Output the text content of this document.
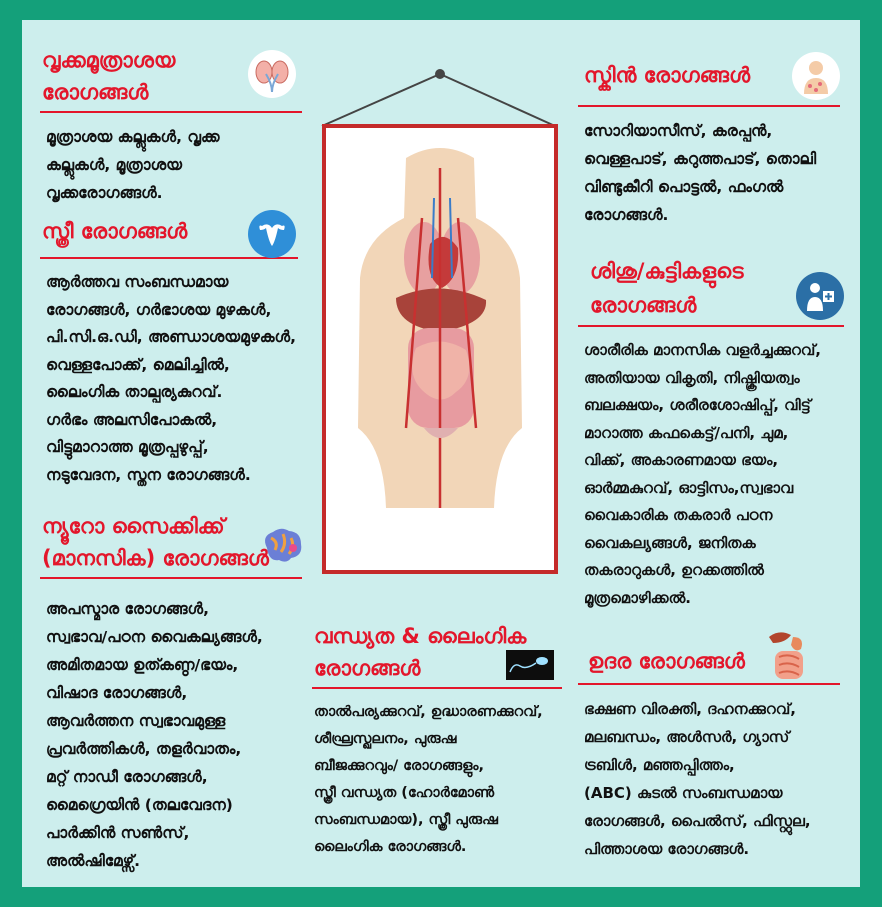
വൃക്കമൂത്രാശയ
രോഗങ്ങൾ
മൂത്രാശയ കല്ലുകൾ, വൃക്ക
കല്ലുകൾ, മൂത്രാശയ
വൃക്കരോഗങ്ങൾ.
സ്ത്രീ രോഗങ്ങൾ
ആർത്തവ സംബന്ധമായ
രോഗങ്ങൾ, ഗർഭാശയ മുഴകൾ,
പി.സി.ഒ.ഡി, അണ്ഡാശയമുഴകൾ,
വെള്ളപോക്ക്, മെലിച്ചിൽ,
ലൈംഗിക താല്പര്യകുറവ്.
ഗർഭം അലസിപോകൽ,
വിട്ടുമാറാത്ത മൂത്രപ്പഴുപ്പ്,
നടുവേദന, സ്തന രോഗങ്ങൾ.
ന്യൂറോ സൈക്കിക്ക്
(മാനസിക) രോഗങ്ങൾ
അപസ്മാര രോഗങ്ങൾ,
സ്വഭാവ/പഠന വൈകല്യങ്ങൾ,
അമിതമായ ഉത്കണ്ഠ/ഭയം,
വിഷാദ രോഗങ്ങൾ,
ആവർത്തന സ്വഭാവമുള്ള
പ്രവർത്തികൾ, തളർവാതം,
മറ്റ് നാഡീ രോഗങ്ങൾ,
മൈഗ്രെയിൻ (തലവേദന)
പാർക്കിൻ സൺസ്,
അൽഷിമേഴ്സ്.
വന്ധ്യത & ലൈംഗിക
രോഗങ്ങൾ
താൽപര്യക്കുറവ്, ഉദ്ധാരണക്കുറവ്,
ശീഘ്രസ്ഖലനം, പുരുഷ
ബീജക്കുറവും/ രോഗങ്ങളും,
സ്ത്രീ വന്ധ്യത (ഹോർമോൺ
സംബന്ധമായ), സ്ത്രീ പുരുഷ
ലൈംഗിക രോഗങ്ങൾ.
സ്കിൻ രോഗങ്ങൾ
സോറിയാസീസ്, കരപ്പൻ,
വെള്ളപാട്, കറുത്തപാട്, തൊലി
വിണ്ടുകീറി പൊട്ടൽ, ഫംഗൽ
രോഗങ്ങൾ.
ശിശു/കുട്ടികളുടെ
രോഗങ്ങൾ
ശാരീരിക മാനസിക വളർച്ചക്കുറവ്,
അതിയായ വികൃതി, നിഷ്ക്രിയത്വം
ബലക്ഷയം, ശരീരശോഷിപ്പ്, വിട്ട്
മാറാത്ത കഫകെട്ട്/പനി, ചുമ,
വിക്ക്, അകാരണമായ ഭയം,
ഓർമ്മകുറവ്, ഓട്ടിസം,സ്വഭാവ
വൈകാരിക തകരാർ പഠന
വൈകല്യങ്ങൾ, ജനിതക
തകരാറുകൾ, ഉറക്കത്തിൽ
മൂത്രമൊഴിക്കൽ.
ഉദര രോഗങ്ങൾ
ഭക്ഷണ വിരക്തി, ദഹനക്കുറവ്,
മലബന്ധം, അൾസർ, ഗ്യാസ്
ട്രബിൾ, മഞ്ഞപ്പിത്തം,
(ABC) കുടൽ സംബന്ധമായ
രോഗങ്ങൾ, പൈൽസ്, ഫിസ്റ്റുല,
പിത്താശയ രോഗങ്ങൾ.
